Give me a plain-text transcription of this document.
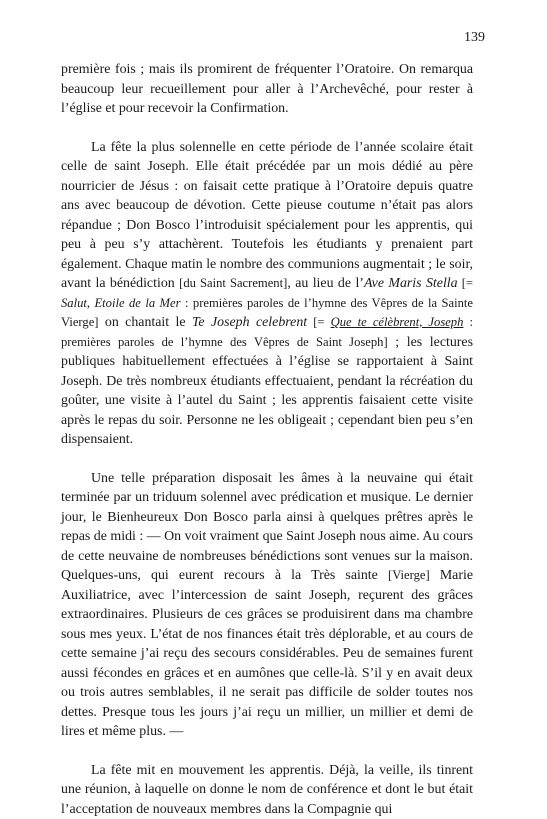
139

première fois ; mais ils promirent de fréquenter l’Oratoire. On remarqua beaucoup leur recueillement pour aller à l’Archevêché, pour rester à l’église et pour recevoir la Confirmation.

La fête la plus solennelle en cette période de l’année scolaire était celle de saint Joseph. Elle était précédée par un mois dédié au père nourricier de Jésus : on faisait cette pratique à l’Oratoire depuis quatre ans avec beaucoup de dévotion. Cette pieuse coutume n’était pas alors répandue ; Don Bosco l’introduisit spécialement pour les apprentis, qui peu à peu s’y attachèrent. Toutefois les étudiants y prenaient part également. Chaque matin le nombre des communions augmentait ; le soir, avant la bénédiction [du Saint Sacrement], au lieu de l’Ave Maris Stella [= Salut, Etoile de la Mer : premières paroles de l’hymne des Vêpres de la Sainte Vierge] on chantait le Te Joseph celebrent [= Que te célèbrent, Joseph : premières paroles de l’hymne des Vêpres de Saint Joseph] ; les lectures publiques habituellement effectuées à l’église se rapportaient à Saint Joseph. De très nombreux étudiants effectuaient, pendant la récréation du goûter, une visite à l’autel du Saint ; les apprentis faisaient cette visite après le repas du soir. Personne ne les obligeait ; cependant bien peu s’en dispensaient.

Une telle préparation disposait les âmes à la neuvaine qui était terminée par un triduum solennel avec prédication et musique. Le dernier jour, le Bienheureux Don Bosco parla ainsi à quelques prêtres après le repas de midi : — On voit vraiment que Saint Joseph nous aime. Au cours de cette neuvaine de nombreuses bénédictions sont venues sur la maison. Quelques-uns, qui eurent recours à la Très sainte [Vierge] Marie Auxiliatrice, avec l’intercession de saint Joseph, reçurent des grâces extraordinaires. Plusieurs de ces grâces se produisirent dans ma chambre sous mes yeux. L’état de nos finances était très déplorable, et au cours de cette semaine j’ai reçu des secours considérables. Peu de semaines furent aussi fécondes en grâces et en aumônes que celle-là. S’il y en avait deux ou trois autres semblables, il ne serait pas difficile de solder toutes nos dettes. Presque tous les jours j’ai reçu un millier, un millier et demi de lires et même plus. —

La fête mit en mouvement les apprentis. Déjà, la veille, ils tinrent une réunion, à laquelle on donne le nom de conférence et dont le but était l’acceptation de nouveaux membres dans la Compagnie qui
